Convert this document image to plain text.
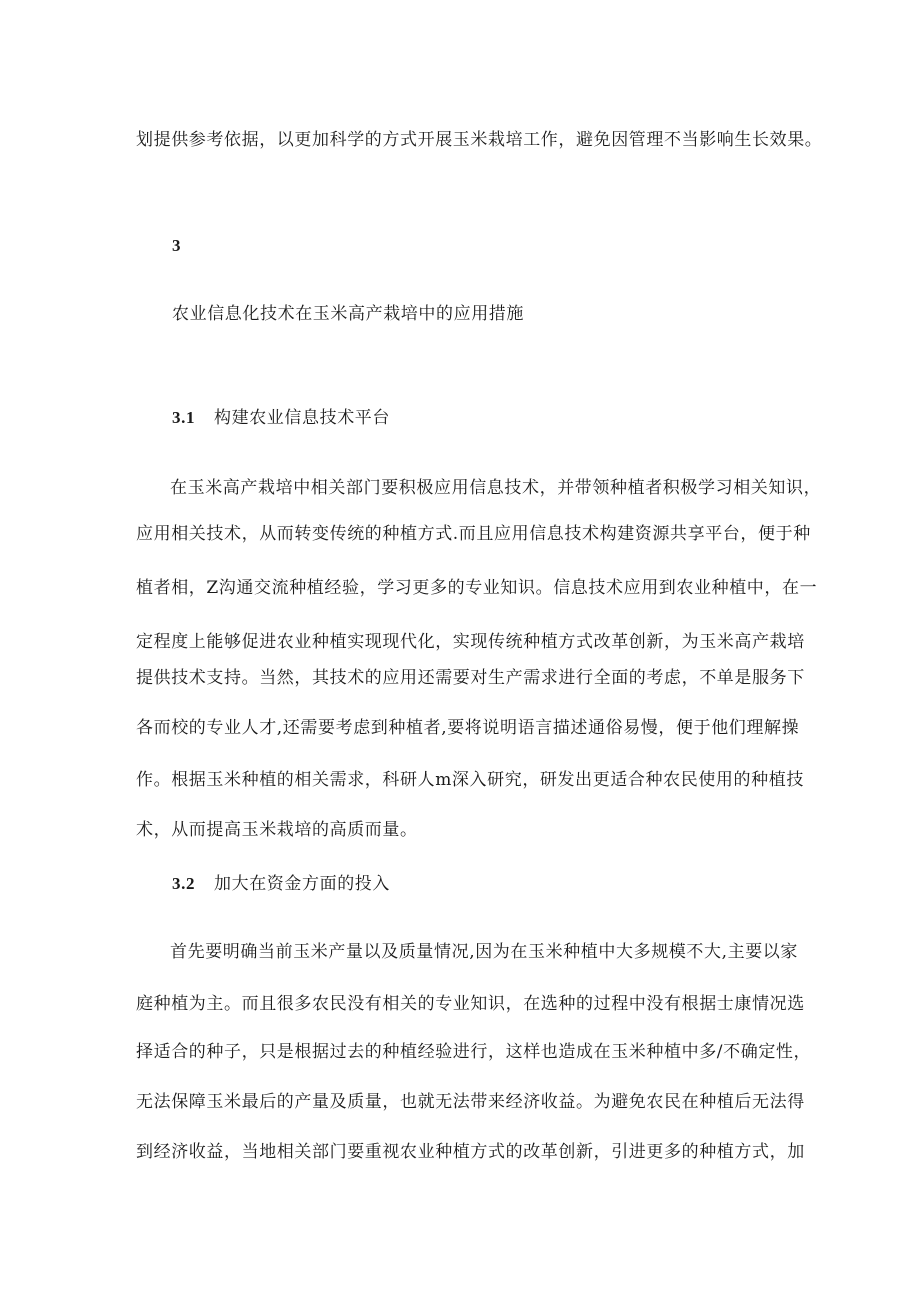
划提供参考依据，以更加科学的方式开展玉米栽培工作，避免因管理不当影响生长效果。
3
农业信息化技术在玉米高产栽培中的应用措施
3.1 构建农业信息技术平台
在玉米高产栽培中相关部门要积极应用信息技术，并带领种植者积极学习相关知识，
应用相关技术，从而转变传统的种植方式.而且应用信息技术构建资源共享平台，便于种
植者相，Z沟通交流种植经验，学习更多的专业知识。信息技术应用到农业种植中，在一
定程度上能够促进农业种植实现现代化，实现传统种植方式改革创新，为玉米高产栽培
提供技术支持。当然，其技术的应用还需要对生产需求进行全面的考虑，不单是服务下
各而校的专业人才,还需要考虑到种植者,要将说明语言描述通俗易慢，便于他们理解操
作。根据玉米种植的相关需求，科研人m深入研究，研发出更适合种农民使用的种植技
术，从而提高玉米栽培的高质而量。
3.2 加大在资金方面的投入
首先要明确当前玉米产量以及质量情况,因为在玉米种植中大多规模不大,主要以家
庭种植为主。而且很多农民没有相关的专业知识，在选种的过程中没有根据士康情况选
择适合的种子，只是根据过去的种植经验进行，这样也造成在玉米种植中多/不确定性，
无法保障玉米最后的产量及质量，也就无法带来经济收益。为避免农民在种植后无法得
到经济收益，当地相关部门要重视农业种植方式的改革创新，引进更多的种植方式，加
